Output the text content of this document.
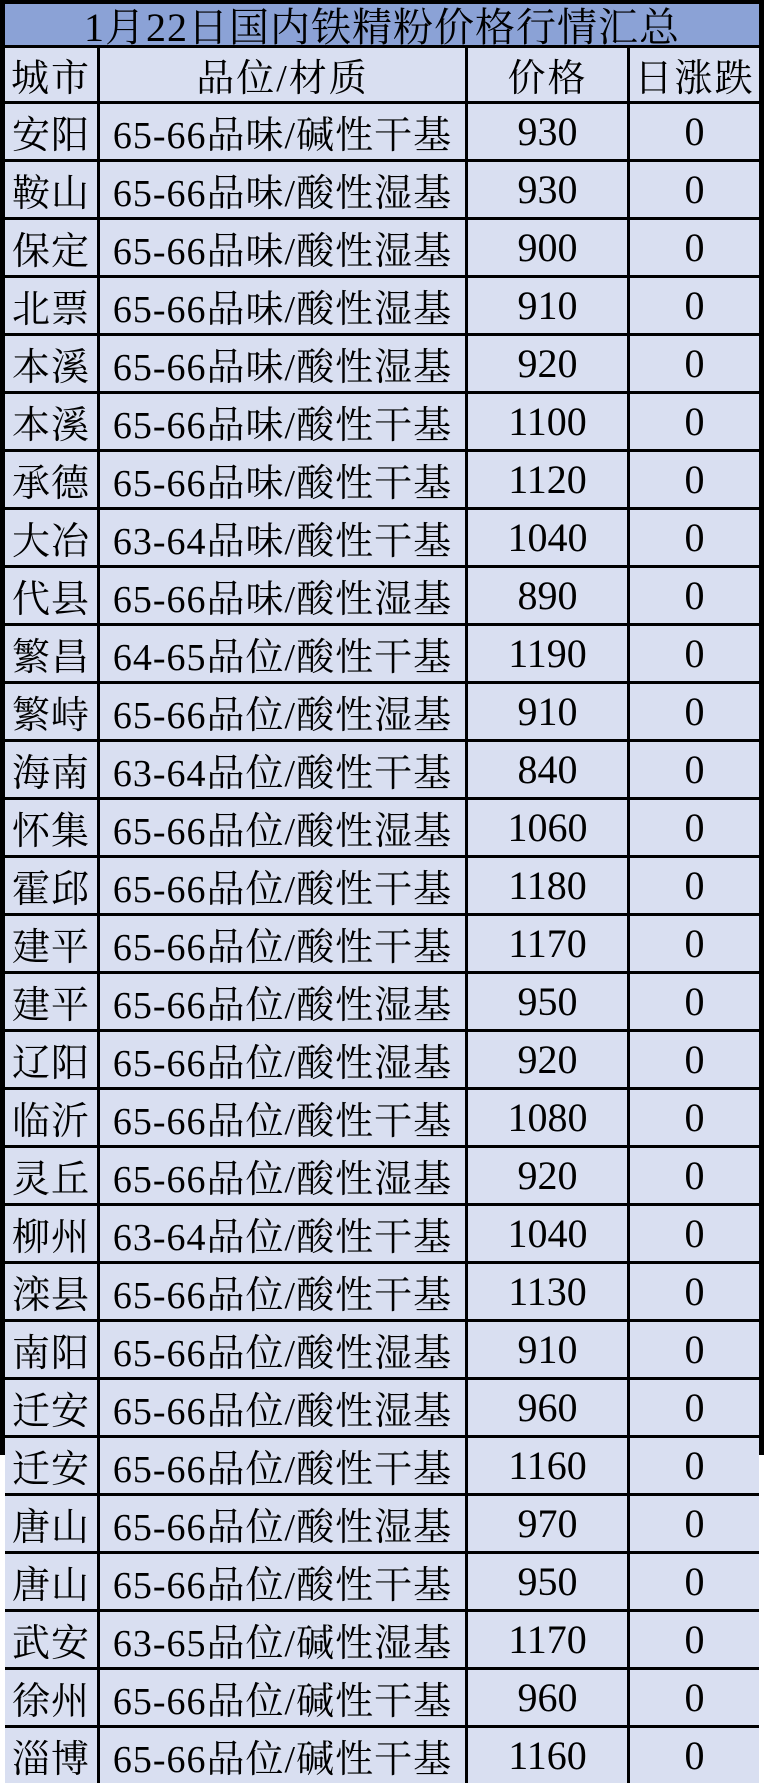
1月22日国内铁精粉价格行情汇总
城市	品位/材质	价格	日涨跌
安阳 65-66品味/碱性干基	930	0
鞍山 65-66品味/酸性湿基	930	0
保定 65-66品味/酸性湿基	900	0
北票 65-66品味/酸性湿基	910	0
本溪 65-66品味/酸性湿基	920	0
本溪 65-66品味/酸性干基	1100	0
承德 65-66品味/酸性干基	1120	0
大冶 63-64品味/酸性干基	1040	0
代县 65-66品味/酸性湿基	890	0
繁昌 64-65品位/酸性干基	1190	0
繁峙 65-66品位/酸性湿基	910	0
海南 63-64品位/酸性干基	840	0
怀集 65-66品位/酸性湿基	1060	0
霍邱 65-66品位/酸性干基	1180	0
建平 65-66品位/酸性干基	1170	0
建平 65-66品位/酸性湿基	950	0
辽阳 65-66品位/酸性湿基	920	0
临沂 65-66品位/酸性干基	1080	0
灵丘 65-66品位/酸性湿基	920	0
柳州 63-64品位/酸性干基	1040	0
滦县 65-66品位/酸性干基	1130	0
南阳 65-66品位/酸性湿基	910	0
迁安 65-66品位/酸性湿基	960	0
迁安 65-66品位/酸性干基	1160	0
唐山 65-66品位/酸性湿基	970	0
唐山 65-66品位/酸性干基	950	0
武安 63-65品位/碱性湿基	1170	0
徐州 65-66品位/碱性干基	960	0
淄博 65-66品位/碱性干基	1160	0
